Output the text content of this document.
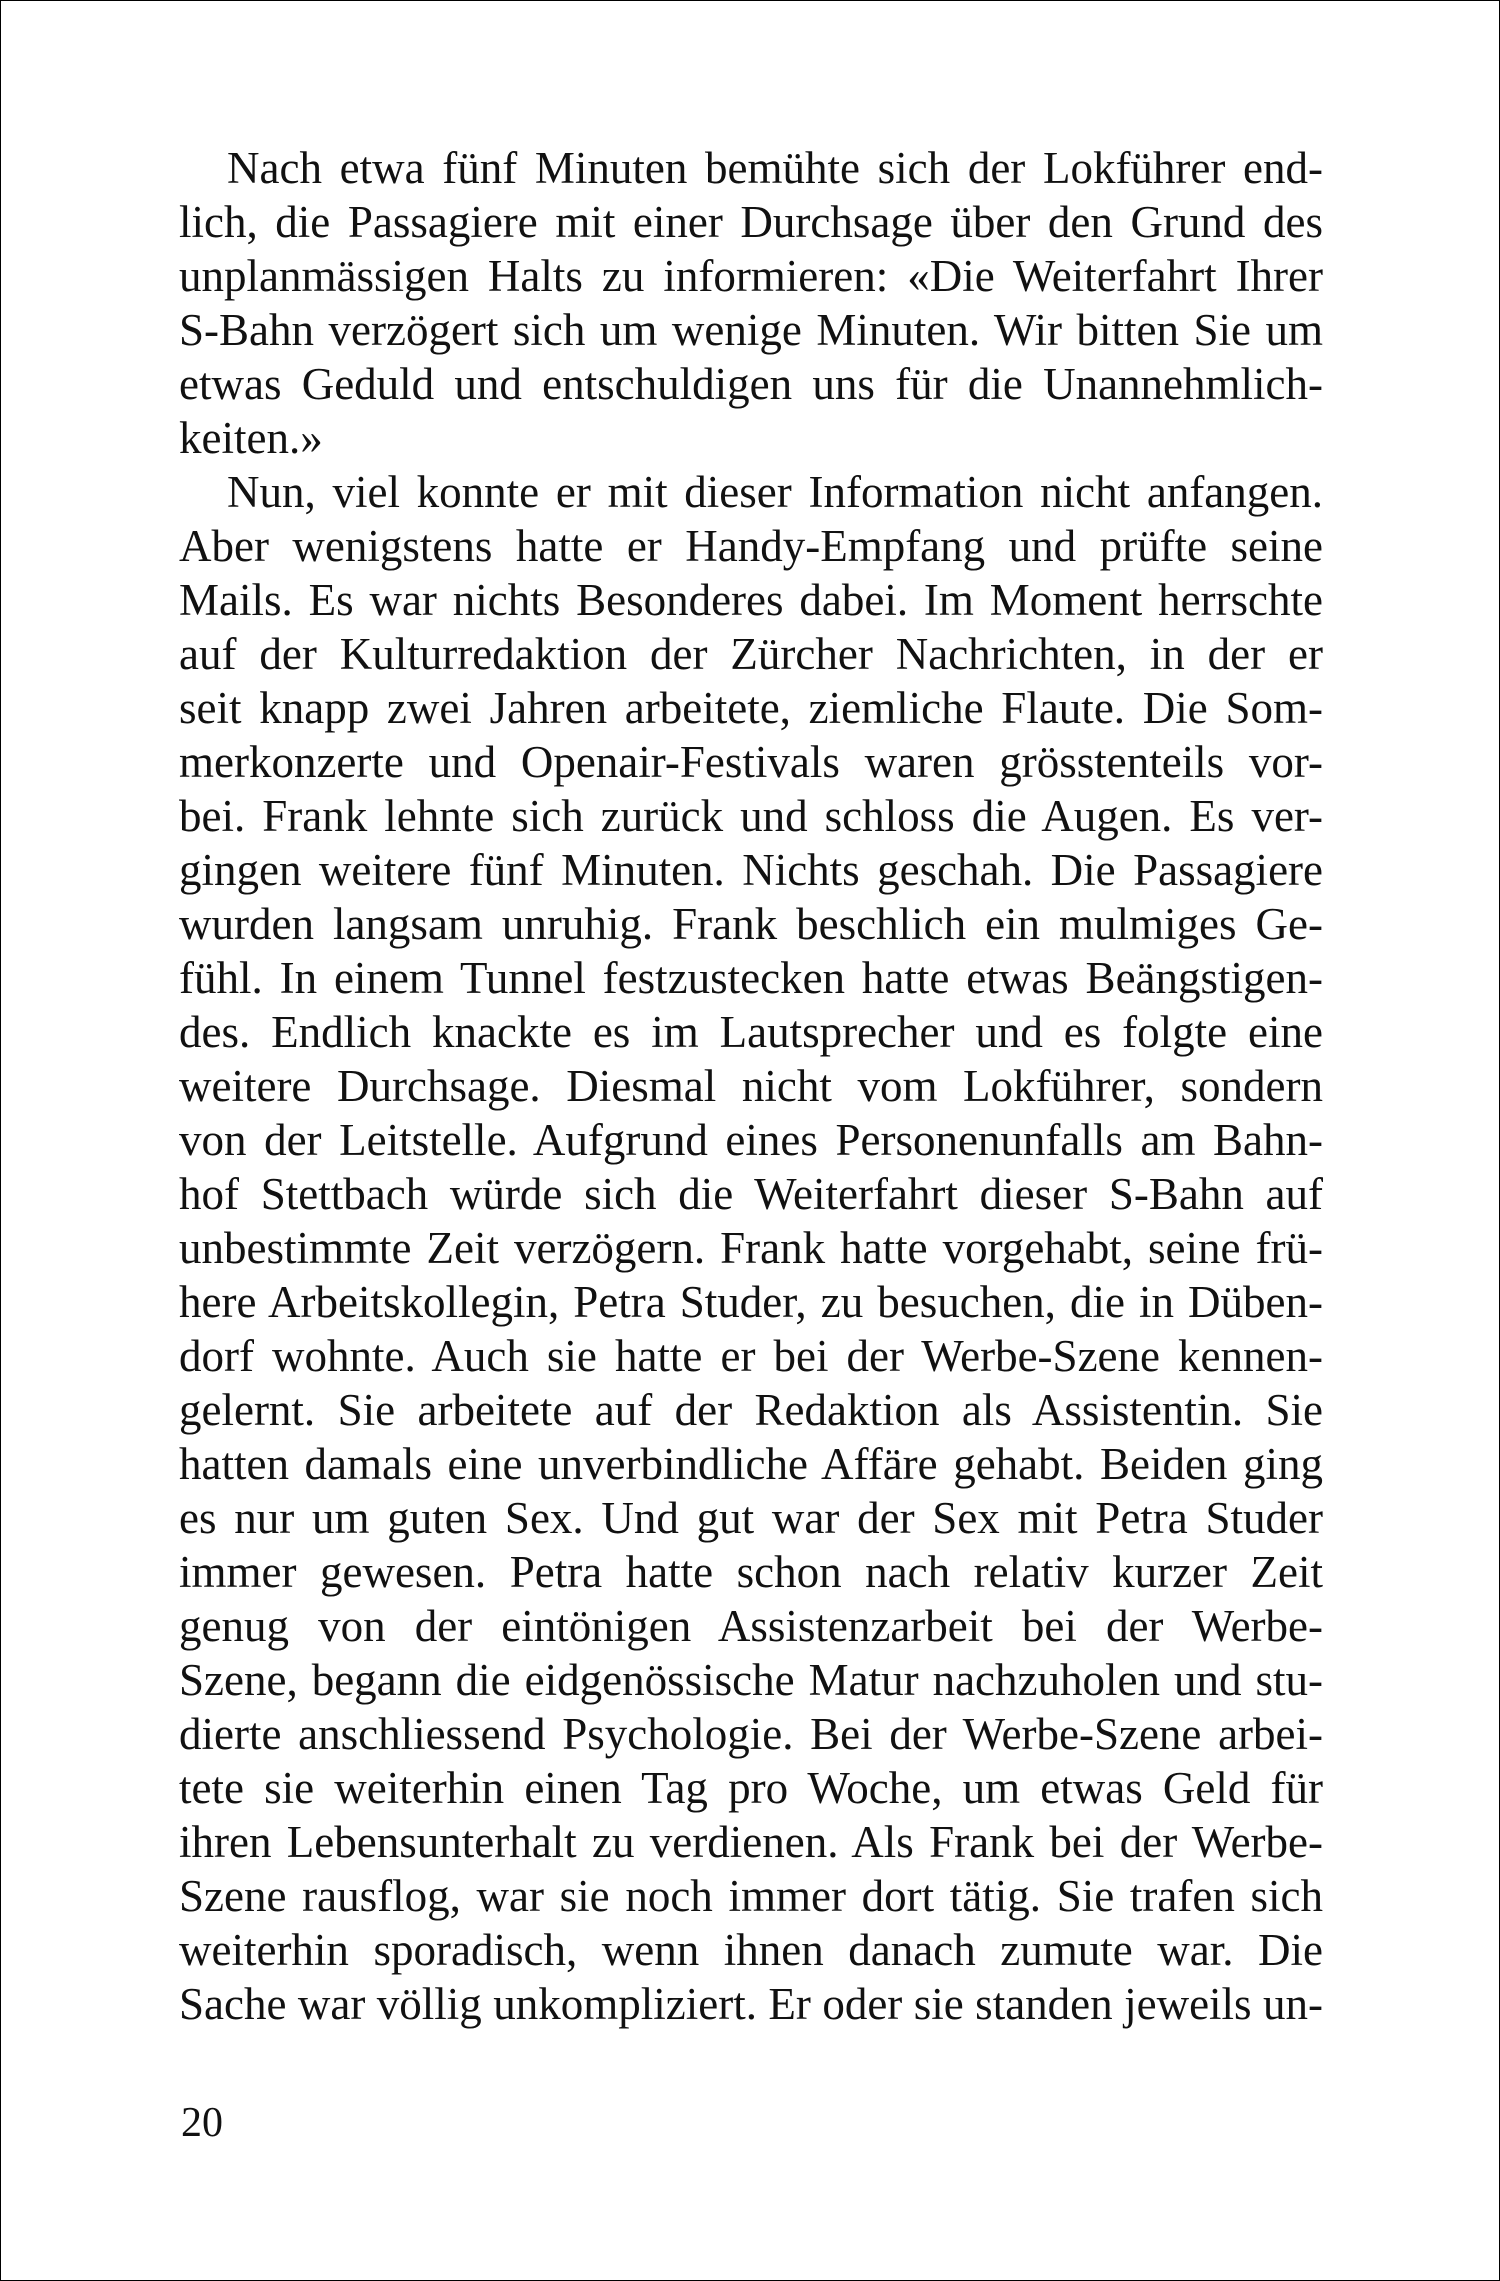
Nach etwa fünf Minuten bemühte sich der Lokführer end-
lich, die Passagiere mit einer Durchsage über den Grund des
unplanmässigen Halts zu informieren: «Die Weiterfahrt Ihrer
S-Bahn verzögert sich um wenige Minuten. Wir bitten Sie um
etwas Geduld und entschuldigen uns für die Unannehmlich-
keiten.»
Nun, viel konnte er mit dieser Information nicht anfangen.
Aber wenigstens hatte er Handy-Empfang und prüfte seine
Mails. Es war nichts Besonderes dabei. Im Moment herrschte
auf der Kulturredaktion der Zürcher Nachrichten, in der er
seit knapp zwei Jahren arbeitete, ziemliche Flaute. Die Som-
merkonzerte und Openair-Festivals waren grösstenteils vor-
bei. Frank lehnte sich zurück und schloss die Augen. Es ver-
gingen weitere fünf Minuten. Nichts geschah. Die Passagiere
wurden langsam unruhig. Frank beschlich ein mulmiges Ge-
fühl. In einem Tunnel festzustecken hatte etwas Beängstigen-
des. Endlich knackte es im Lautsprecher und es folgte eine
weitere Durchsage. Diesmal nicht vom Lokführer, sondern
von der Leitstelle. Aufgrund eines Personenunfalls am Bahn-
hof Stettbach würde sich die Weiterfahrt dieser S-Bahn auf
unbestimmte Zeit verzögern. Frank hatte vorgehabt, seine frü-
here Arbeitskollegin, Petra Studer, zu besuchen, die in Düben-
dorf wohnte. Auch sie hatte er bei der Werbe-Szene kennen-
gelernt. Sie arbeitete auf der Redaktion als Assistentin. Sie
hatten damals eine unverbindliche Affäre gehabt. Beiden ging
es nur um guten Sex. Und gut war der Sex mit Petra Studer
immer gewesen. Petra hatte schon nach relativ kurzer Zeit
genug von der eintönigen Assistenzarbeit bei der Werbe-
Szene, begann die eidgenössische Matur nachzuholen und stu-
dierte anschliessend Psychologie. Bei der Werbe-Szene arbei-
tete sie weiterhin einen Tag pro Woche, um etwas Geld für
ihren Lebensunterhalt zu verdienen. Als Frank bei der Werbe-
Szene rausflog, war sie noch immer dort tätig. Sie trafen sich
weiterhin sporadisch, wenn ihnen danach zumute war. Die
Sache war völlig unkompliziert. Er oder sie standen jeweils un-
20
